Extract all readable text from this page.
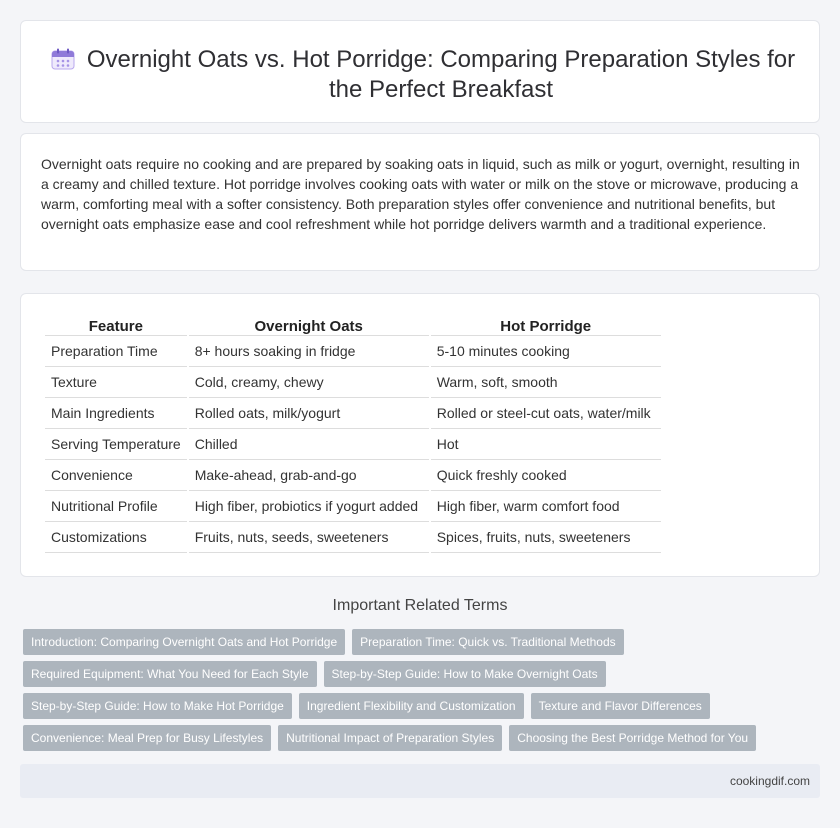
Overnight Oats vs. Hot Porridge: Comparing Preparation Styles for the Perfect Breakfast

Overnight oats require no cooking and are prepared by soaking oats in liquid, such as milk or yogurt, overnight, resulting in a creamy and chilled texture. Hot porridge involves cooking oats with water or milk on the stove or microwave, producing a warm, comforting meal with a softer consistency. Both preparation styles offer convenience and nutritional benefits, but overnight oats emphasize ease and cool refreshment while hot porridge delivers warmth and a traditional experience.

Feature	Overnight Oats	Hot Porridge
Preparation Time	8+ hours soaking in fridge	5-10 minutes cooking
Texture	Cold, creamy, chewy	Warm, soft, smooth
Main Ingredients	Rolled oats, milk/yogurt	Rolled or steel-cut oats, water/milk
Serving Temperature	Chilled	Hot
Convenience	Make-ahead, grab-and-go	Quick freshly cooked
Nutritional Profile	High fiber, probiotics if yogurt added	High fiber, warm comfort food
Customizations	Fruits, nuts, seeds, sweeteners	Spices, fruits, nuts, sweeteners
Important Related Terms
Introduction: Comparing Overnight Oats and Hot Porridge	Preparation Time: Quick vs. Traditional Methods
Required Equipment: What You Need for Each Style	Step-by-Step Guide: How to Make Overnight Oats
Step-by-Step Guide: How to Make Hot Porridge	Ingredient Flexibility and Customization	Texture and Flavor Differences
Convenience: Meal Prep for Busy Lifestyles	Nutritional Impact of Preparation Styles	Choosing the Best Porridge Method for You
cookingdif.com
